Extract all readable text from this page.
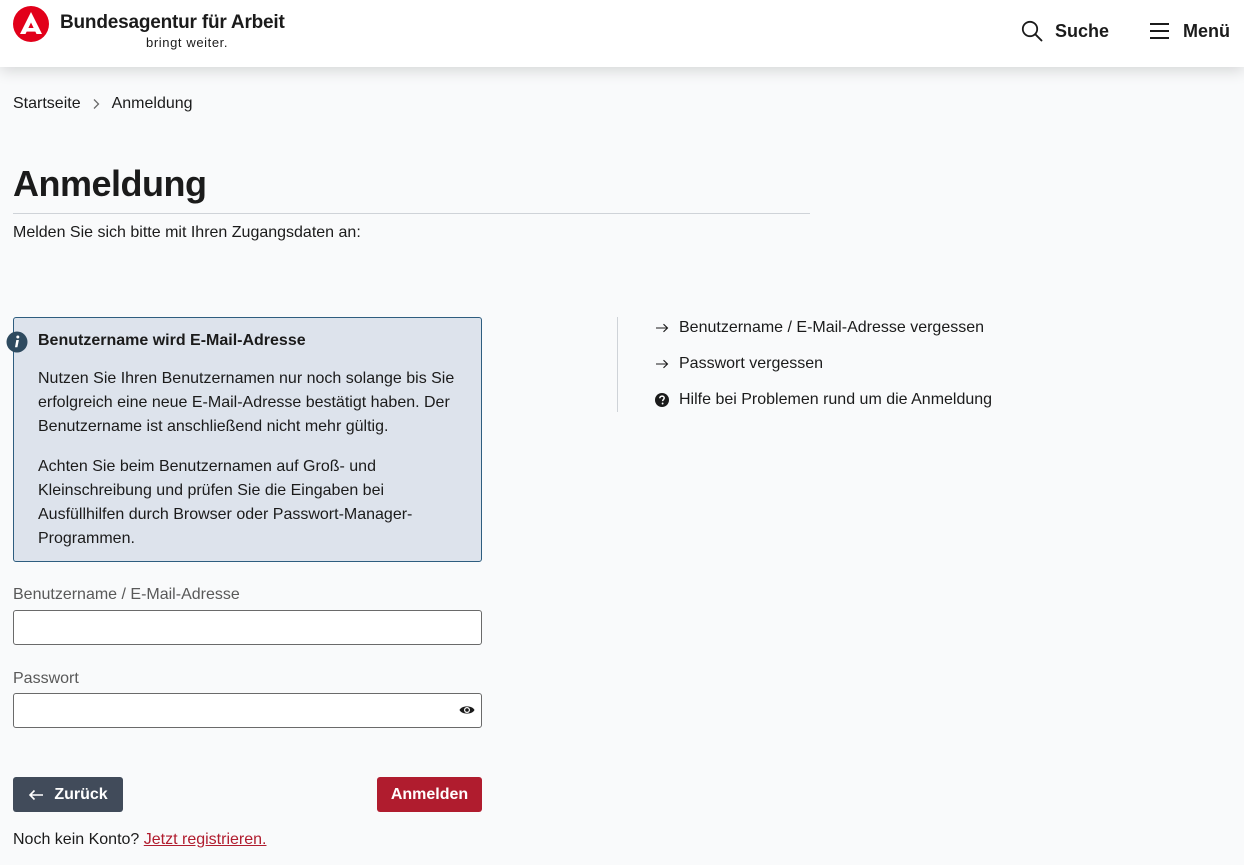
Bundesagentur für Arbeit
bringt weiter.
Suche	Menü
Startseite Anmeldung
Anmeldung

Melden Sie sich bitte mit Ihren Zugangsdaten an:

Benutzername wird E-Mail-Adresse

Nutzen Sie Ihren Benutzernamen nur noch solange bis Sie erfolgreich eine neue E-Mail-Adresse bestätigt haben. Der Benutzername ist anschließend nicht mehr gültig.

Achten Sie beim Benutzernamen auf Groß- und Kleinschreibung und prüfen Sie die Eingaben bei Ausfüllhilfen durch Browser oder Passwort-Manager-Programmen.

Benutzername / E-Mail-Adresse
Passwort
Zurück	Anmelden

Noch kein Konto? Jetzt registrieren.

Benutzername / E-Mail-Adresse vergessen
Passwort vergessen
Hilfe bei Problemen rund um die Anmeldung
